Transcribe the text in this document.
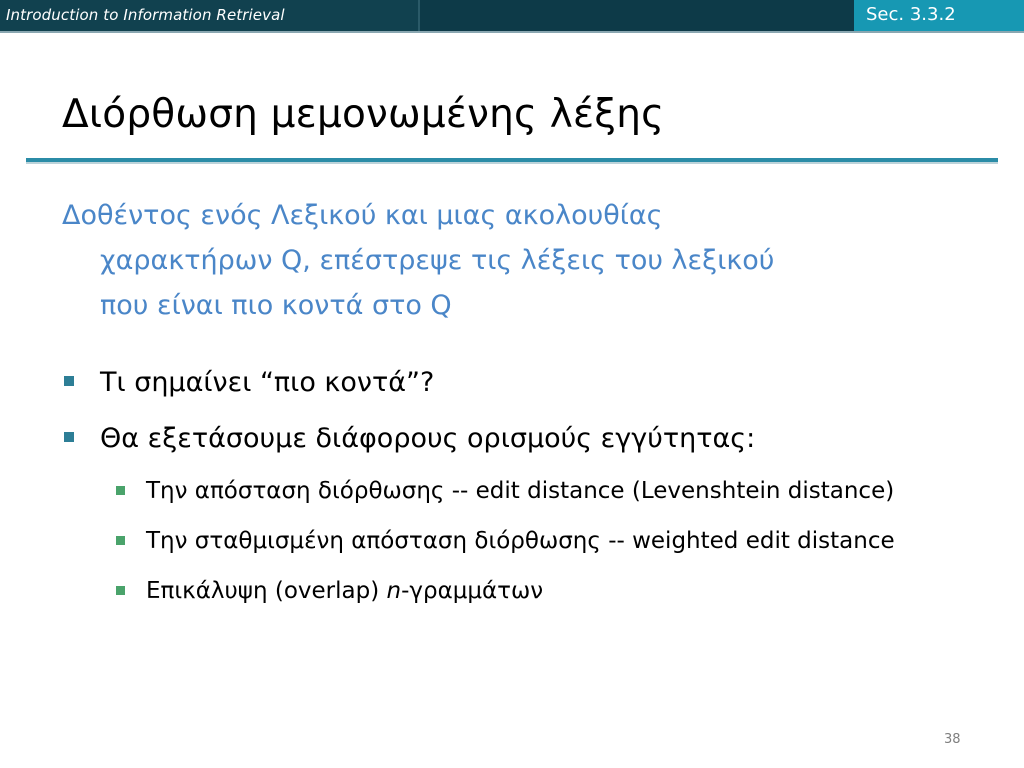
Introduction to Information Retrieval	Sec. 3.3.2
Διόρθωση μεμονωμένης λέξης
Δοθέντος ενός Λεξικού και μιας ακολουθίας
χαρακτήρων Q, επέστρεψε τις λέξεις του λεξικού
που είναι πιο κοντά στο Q
Τι σημαίνει “πιο κοντά”?
Θα εξετάσουμε διάφορους ορισμούς εγγύτητας:
Την απόσταση διόρθωσης -- edit distance (Levenshtein distance)
Την σταθμισμένη απόσταση διόρθωσης -- weighted edit distance
Επικάλυψη (overlap) n-γραμμάτων
38
